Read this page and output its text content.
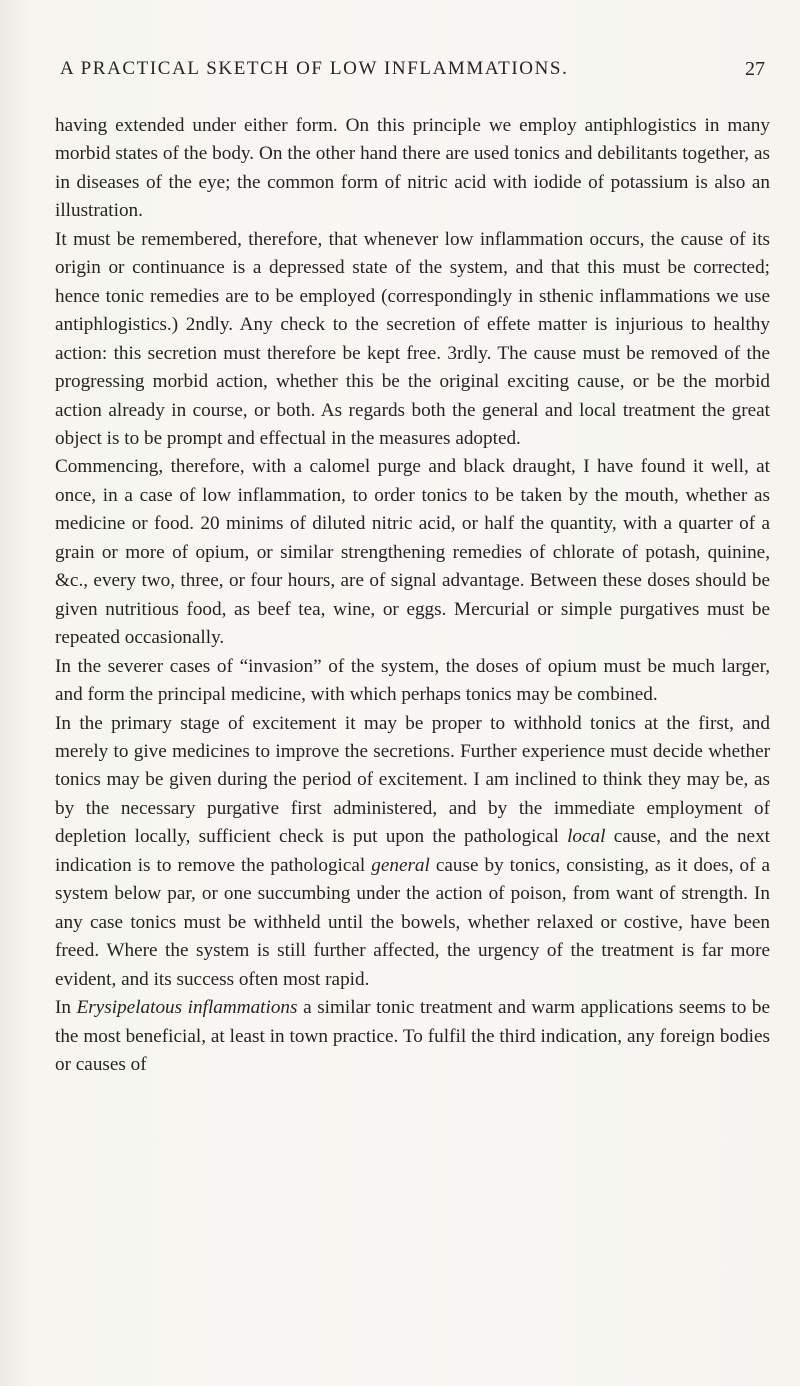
A PRACTICAL SKETCH OF LOW INFLAMMATIONS.	27

having extended under either form. On this principle we employ antiphlogistics in many morbid states of the body. On the other hand there are used tonics and debilitants together, as in diseases of the eye; the common form of nitric acid with iodide of potassium is also an illustration.

It must be remembered, therefore, that whenever low inflammation occurs, the cause of its origin or continuance is a depressed state of the system, and that this must be corrected; hence tonic remedies are to be employed (correspondingly in sthenic inflammations we use antiphlogistics.) 2ndly. Any check to the secretion of effete matter is injurious to healthy action: this secretion must therefore be kept free. 3rdly. The cause must be removed of the progressing morbid action, whether this be the original exciting cause, or be the morbid action already in course, or both. As regards both the general and local treatment the great object is to be prompt and effectual in the measures adopted.

Commencing, therefore, with a calomel purge and black draught, I have found it well, at once, in a case of low inflammation, to order tonics to be taken by the mouth, whether as medicine or food. 20 minims of diluted nitric acid, or half the quantity, with a quarter of a grain or more of opium, or similar strengthening remedies of chlorate of potash, quinine, &c., every two, three, or four hours, are of signal advantage. Between these doses should be given nutritious food, as beef tea, wine, or eggs. Mercurial or simple purgatives must be repeated occasionally.

In the severer cases of “invasion” of the system, the doses of opium must be much larger, and form the principal medicine, with which perhaps tonics may be combined.

In the primary stage of excitement it may be proper to withhold tonics at the first, and merely to give medicines to improve the secretions. Further experience must decide whether tonics may be given during the period of excitement. I am inclined to think they may be, as by the necessary purgative first administered, and by the immediate employment of depletion locally, sufficient check is put upon the pathological local cause, and the next indication is to remove the pathological general cause by tonics, consisting, as it does, of a system below par, or one succumbing under the action of poison, from want of strength. In any case tonics must be withheld until the bowels, whether relaxed or costive, have been freed. Where the system is still further affected, the urgency of the treatment is far more evident, and its success often most rapid.

In Erysipelatous inflammations a similar tonic treatment and warm applications seems to be the most beneficial, at least in town practice. To fulfil the third indication, any foreign bodies or causes of
